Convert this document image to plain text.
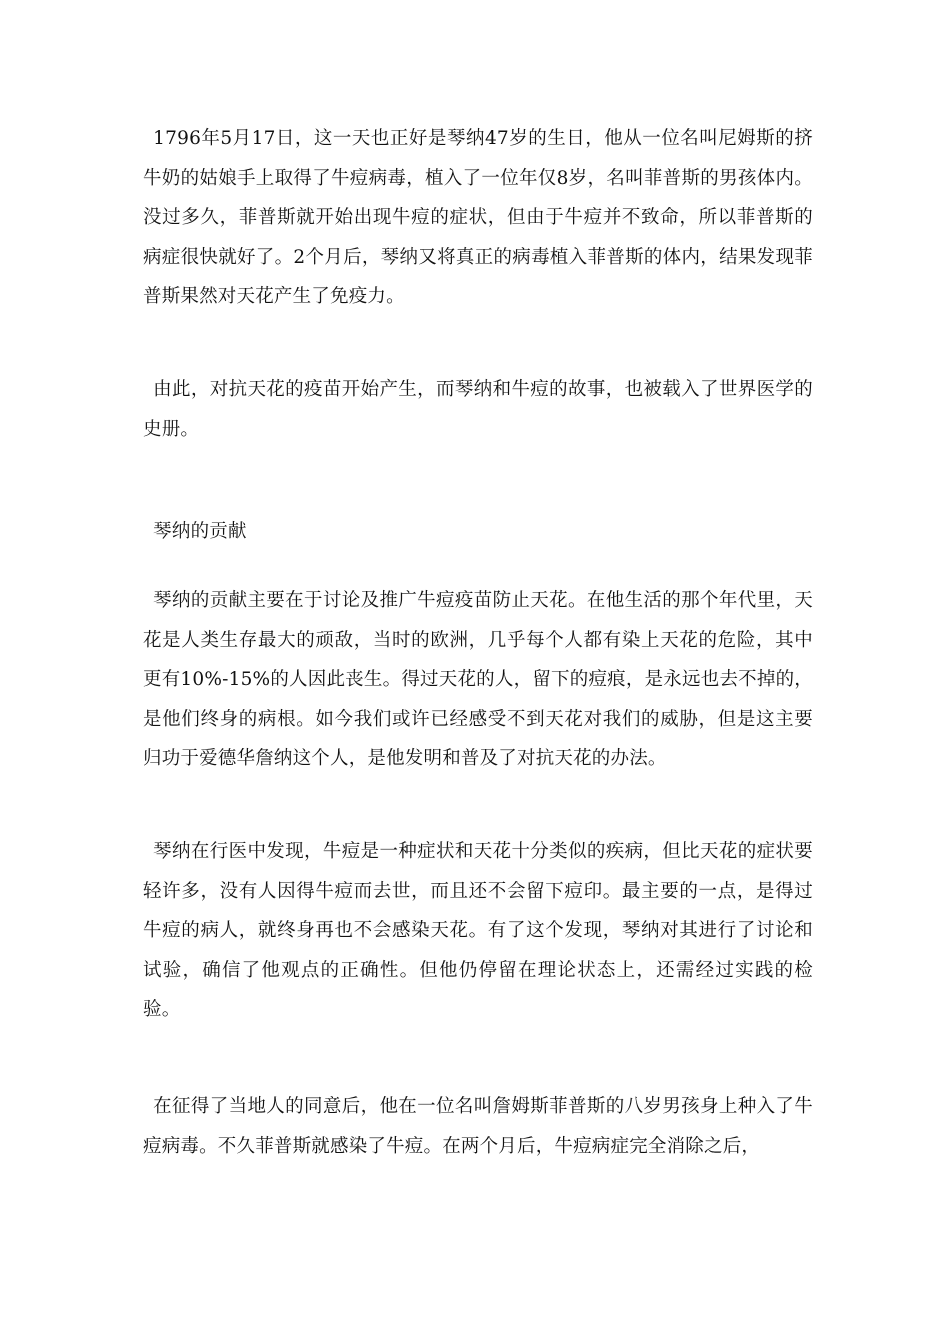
1796年5月17日，这一天也正好是琴纳47岁的生日，他从一位名叫尼姆斯的挤牛奶的姑娘手上取得了牛痘病毒，植入了一位年仅8岁，名叫菲普斯的男孩体内。没过多久，菲普斯就开始出现牛痘的症状，但由于牛痘并不致命，所以菲普斯的病症很快就好了。2个月后，琴纳又将真正的病毒植入菲普斯的体内，结果发现菲普斯果然对天花产生了免疫力。

由此，对抗天花的疫苗开始产生，而琴纳和牛痘的故事，也被载入了世界医学的史册。

琴纳的贡献

琴纳的贡献主要在于讨论及推广牛痘疫苗防止天花。在他生活的那个年代里，天花是人类生存最大的顽敌，当时的欧洲，几乎每个人都有染上天花的危险，其中更有10%-15%的人因此丧生。得过天花的人，留下的痘痕，是永远也去不掉的，是他们终身的病根。如今我们或许已经感受不到天花对我们的威胁，但是这主要归功于爱德华詹纳这个人，是他发明和普及了对抗天花的办法。

琴纳在行医中发现，牛痘是一种症状和天花十分类似的疾病，但比天花的症状要轻许多，没有人因得牛痘而去世，而且还不会留下痘印。最主要的一点，是得过牛痘的病人，就终身再也不会感染天花。有了这个发现，琴纳对其进行了讨论和试验，确信了他观点的正确性。但他仍停留在理论状态上，还需经过实践的检验。

在征得了当地人的同意后，他在一位名叫詹姆斯菲普斯的八岁男孩身上种入了牛痘病毒。不久菲普斯就感染了牛痘。在两个月后，牛痘病症完全消除之后，
